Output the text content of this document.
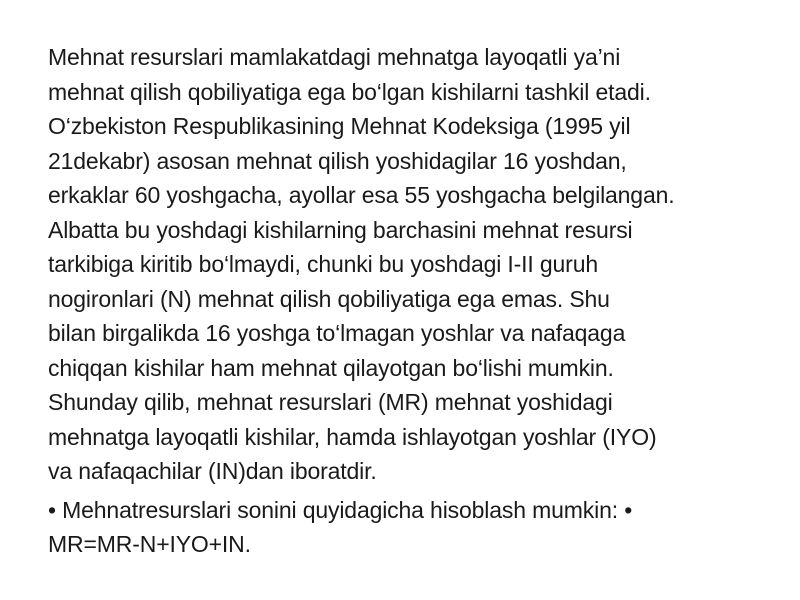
Mehnat resurslari mamlakatdagi mehnatga layoqatli ya’ni
mehnat qilish qobiliyatiga ega bo‘lgan kishilarni tashkil etadi.
O‘zbekiston Respublikasining Mehnat Kodeksiga (1995 yil
21dekabr) asosan mehnat qilish yoshidagilar 16 yoshdan,
erkaklar 60 yoshgacha, ayollar esa 55 yoshgacha belgilangan.
Albatta bu yoshdagi kishilarning barchasini mehnat resursi
tarkibiga kiritib bo‘lmaydi, chunki bu yoshdagi I-II guruh
nogironlari (N) mehnat qilish qobiliyatiga ega emas. Shu
bilan birgalikda 16 yoshga to‘lmagan yoshlar va nafaqaga
chiqqan kishilar ham mehnat qilayotgan bo‘lishi mumkin.
Shunday qilib, mehnat resurslari (MR) mehnat yoshidagi
mehnatga layoqatli kishilar, hamda ishlayotgan yoshlar (IYO)
va nafaqachilar (IN)dan iboratdir.

• Mehnatresurslari sonini quyidagicha hisoblash mumkin: •
MR=MR-N+IYO+IN.
